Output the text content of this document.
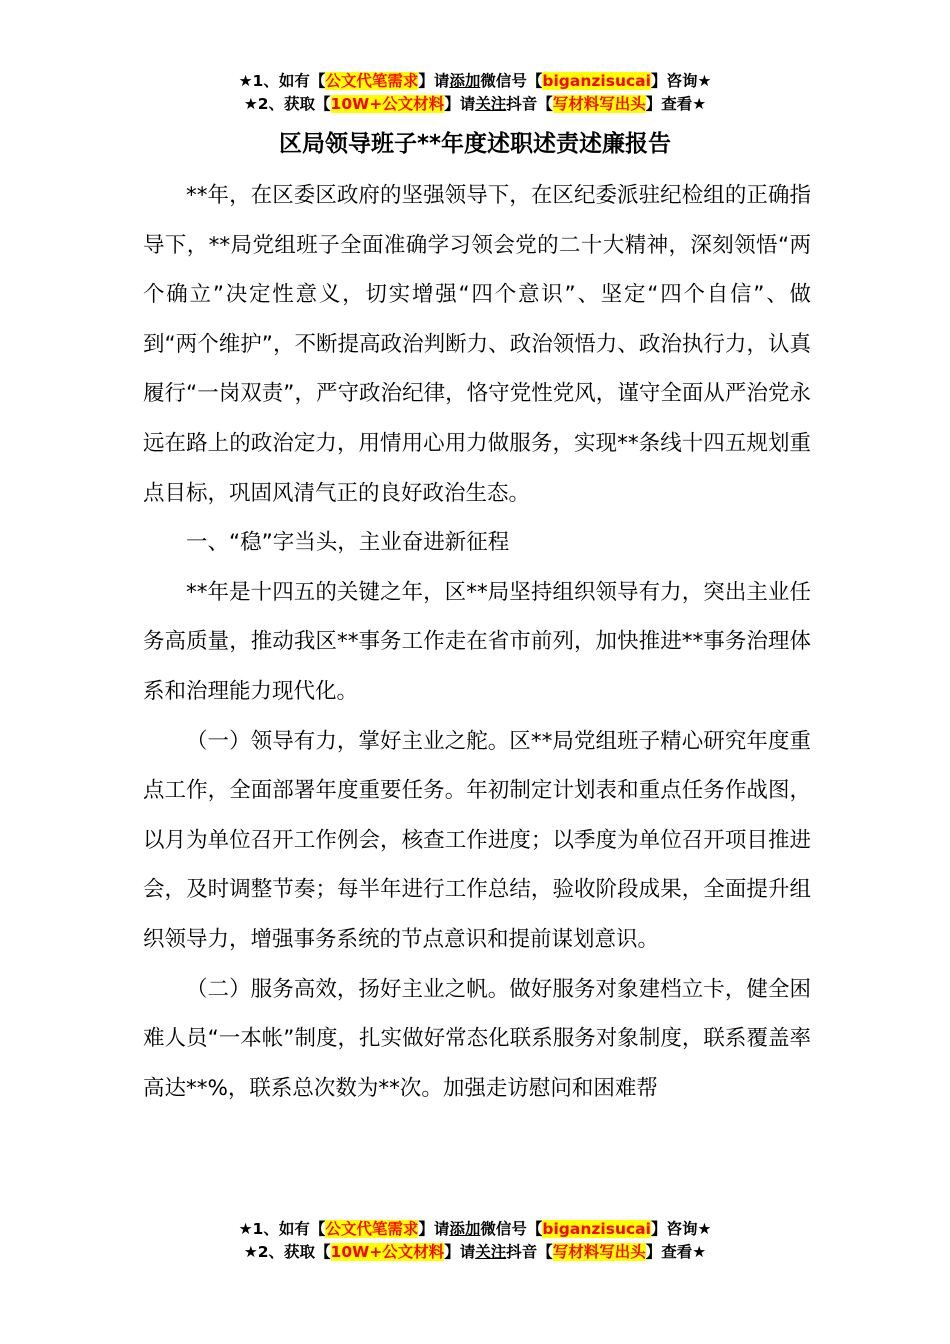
★1、如有【公文代笔需求】请添加微信号【biganzisucai】咨询★
★2、获取【10W+公文材料】请关注抖音【写材料写出头】查看★
区局领导班子**年度述职述责述廉报告

**年，在区委区政府的坚强领导下，在区纪委派驻纪检组的正确指导下，**局党组班子全面准确学习领会党的二十大精神，深刻领悟“两个确立”决定性意义，切实增强“四个意识”、坚定“四个自信”、做到“两个维护”，不断提高政治判断力、政治领悟力、政治执行力，认真履行“一岗双责”，严守政治纪律，恪守党性党风，谨守全面从严治党永远在路上的政治定力，用情用心用力做服务，实现**条线十四五规划重点目标，巩固风清气正的良好政治生态。

一、“稳”字当头，主业奋进新征程

**年是十四五的关键之年，区**局坚持组织领导有力，突出主业任务高质量，推动我区**事务工作走在省市前列，加快推进**事务治理体系和治理能力现代化。

（一）领导有力，掌好主业之舵。区**局党组班子精心研究年度重点工作，全面部署年度重要任务。年初制定计划表和重点任务作战图，以月为单位召开工作例会，核查工作进度；以季度为单位召开项目推进会，及时调整节奏；每半年进行工作总结，验收阶段成果，全面提升组织领导力，增强事务系统的节点意识和提前谋划意识。

（二）服务高效，扬好主业之帆。做好服务对象建档立卡，健全困难人员“一本帐”制度，扎实做好常态化联系服务对象制度，联系覆盖率高达**%，联系总次数为**次。加强走访慰问和困难帮

★1、如有【公文代笔需求】请添加微信号【biganzisucai】咨询★
★2、获取【10W+公文材料】请关注抖音【写材料写出头】查看★
